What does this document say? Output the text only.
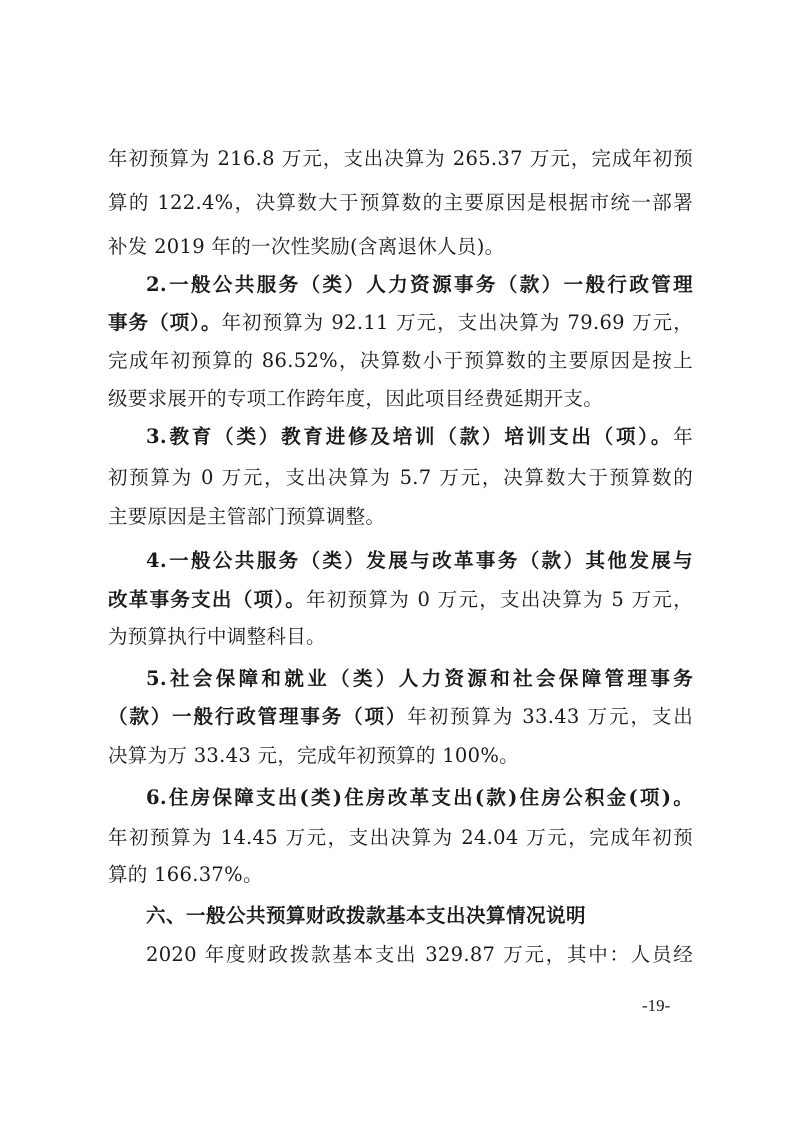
年初预算为 216.8 万元，支出决算为 265.37 万元，完成年初预
算的 122.4%，决算数大于预算数的主要原因是根据市统一部署
补发 2019 年的一次性奖励(含离退休人员)。
2.一般公共服务（类）人力资源事务（款）一般行政管理
事务（项）。年初预算为 92.11 万元，支出决算为 79.69 万元，
完成年初预算的 86.52%，决算数小于预算数的主要原因是按上
级要求展开的专项工作跨年度，因此项目经费延期开支。
3.教育（类）教育进修及培训（款）培训支出（项）。年
初预算为 0 万元，支出决算为 5.7 万元，决算数大于预算数的
主要原因是主管部门预算调整。
4.一般公共服务（类）发展与改革事务（款）其他发展与
改革事务支出（项）。年初预算为 0 万元，支出决算为 5 万元，
为预算执行中调整科目。
5.社会保障和就业（类）人力资源和社会保障管理事务
（款）一般行政管理事务（项）年初预算为 33.43 万元，支出
决算为万 33.43 元，完成年初预算的 100%。
6.住房保障支出(类)住房改革支出(款)住房公积金(项)。
年初预算为 14.45 万元，支出决算为 24.04 万元，完成年初预
算的 166.37%。
六、一般公共预算财政拨款基本支出决算情况说明
2020 年度财政拨款基本支出 329.87 万元，其中：人员经
-19-
